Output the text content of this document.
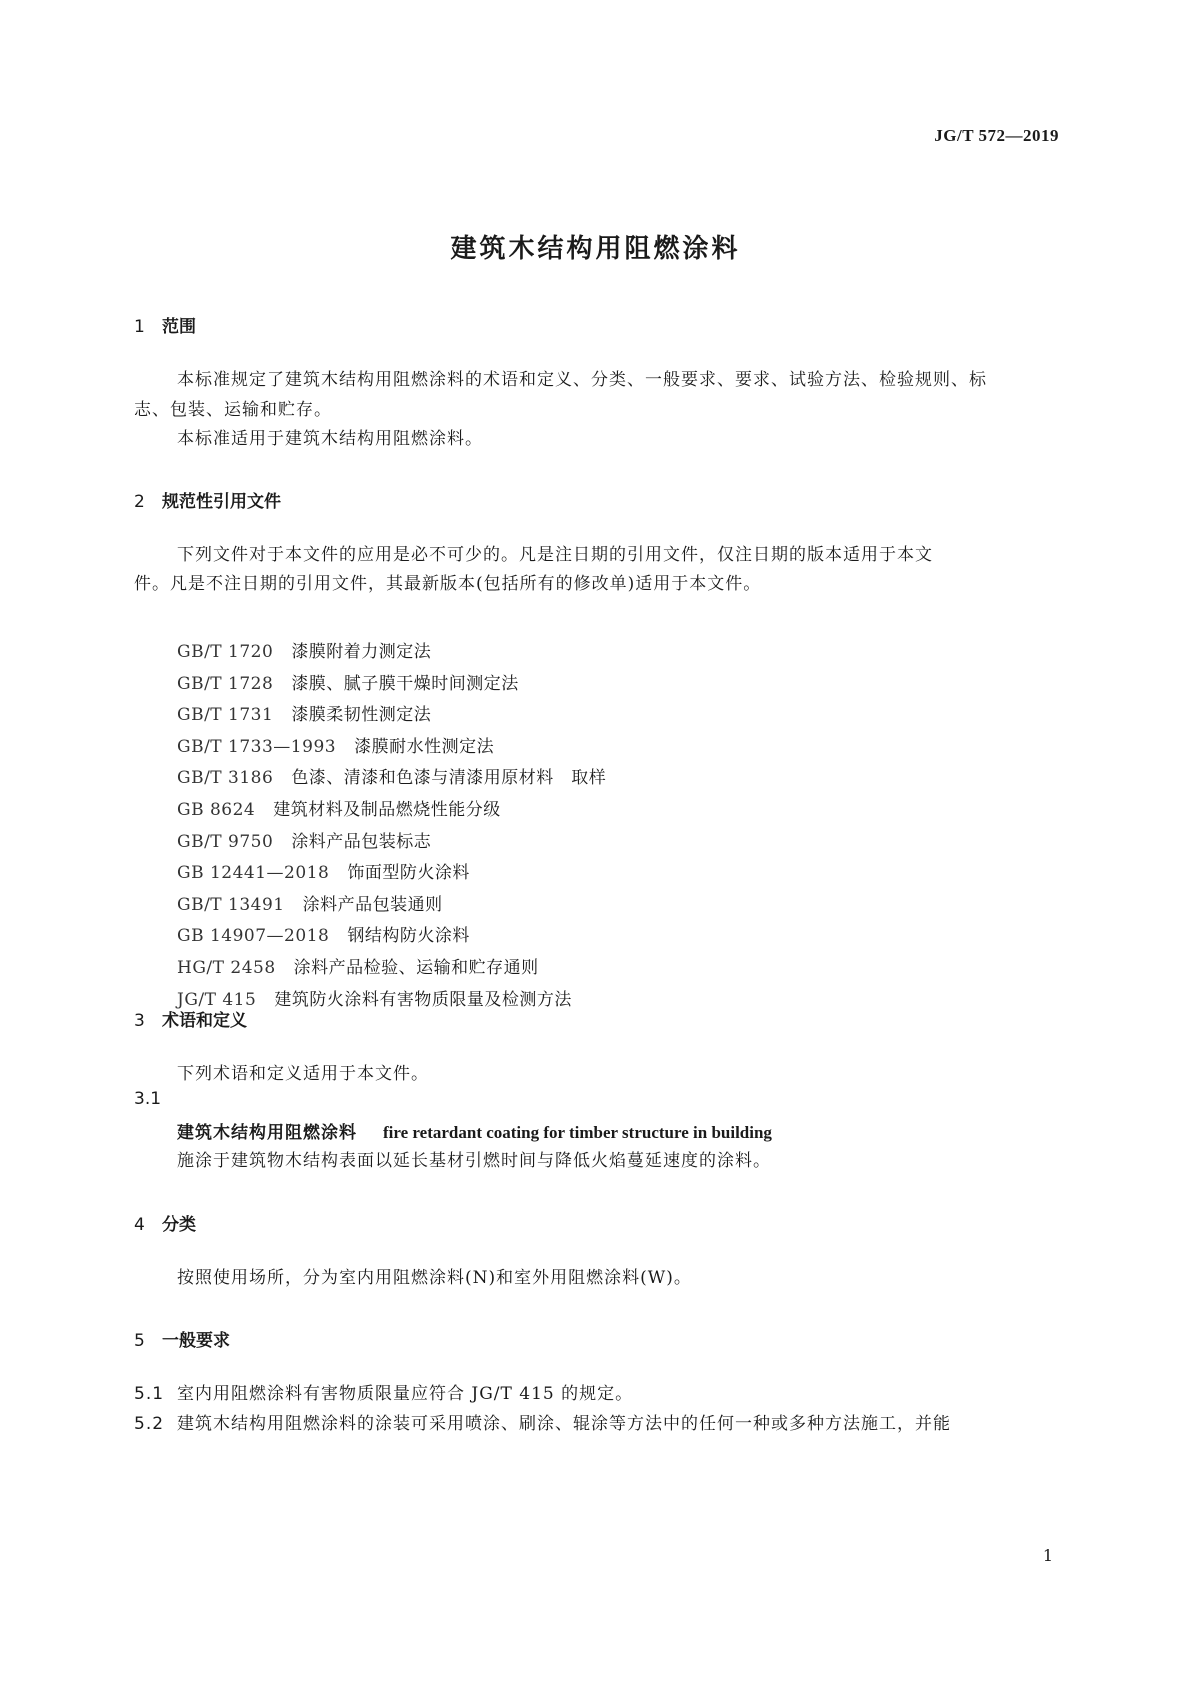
JG/T 572—2019
建筑木结构用阻燃涂料
1 范围
本标准规定了建筑木结构用阻燃涂料的术语和定义、分类、一般要求、要求、试验方法、检验规则、标
志、包装、运输和贮存。
本标准适用于建筑木结构用阻燃涂料。
2 规范性引用文件
下列文件对于本文件的应用是必不可少的。凡是注日期的引用文件，仅注日期的版本适用于本文
件。凡是不注日期的引用文件，其最新版本(包括所有的修改单)适用于本文件。
GB/T 1720 漆膜附着力测定法
GB/T 1728 漆膜、腻子膜干燥时间测定法
GB/T 1731 漆膜柔韧性测定法
GB/T 1733—1993 漆膜耐水性测定法
GB/T 3186 色漆、清漆和色漆与清漆用原材料　取样
GB 8624 建筑材料及制品燃烧性能分级
GB/T 9750 涂料产品包装标志
GB 12441—2018 饰面型防火涂料
GB/T 13491 涂料产品包装通则
GB 14907—2018 钢结构防火涂料
HG/T 2458 涂料产品检验、运输和贮存通则
JG/T 415 建筑防火涂料有害物质限量及检测方法
3 术语和定义
下列术语和定义适用于本文件。
3.1
建筑木结构用阻燃涂料 fire retardant coating for timber structure in building
施涂于建筑物木结构表面以延长基材引燃时间与降低火焰蔓延速度的涂料。
4 分类
按照使用场所，分为室内用阻燃涂料(N)和室外用阻燃涂料(W)。
5 一般要求
5.1 室内用阻燃涂料有害物质限量应符合 JG/T 415 的规定。
5.2 建筑木结构用阻燃涂料的涂装可采用喷涂、刷涂、辊涂等方法中的任何一种或多种方法施工，并能
1
